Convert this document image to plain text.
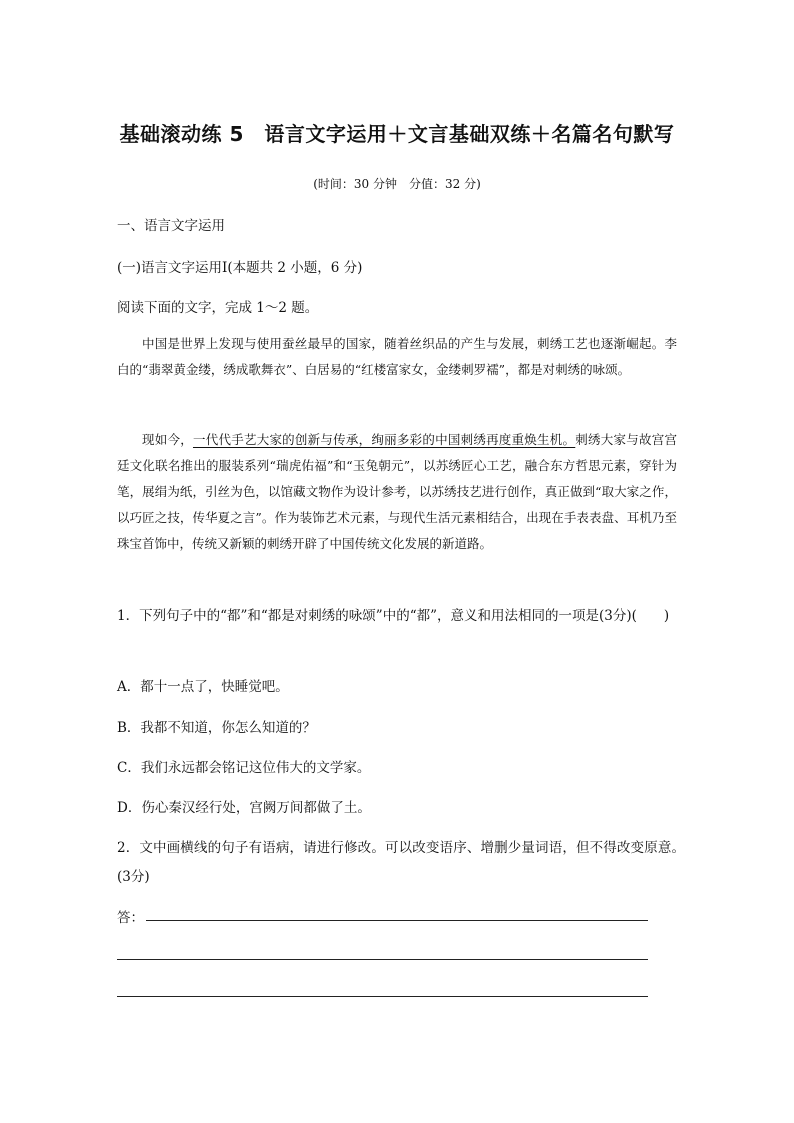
基础滚动练 5　语言文字运用＋文言基础双练＋名篇名句默写
(时间：30 分钟　分值：32 分)
一、语言文字运用
(一)语言文字运用Ⅰ(本题共 2 小题，6 分)
阅读下面的文字，完成 1～2 题。
中国是世界上发现与使用蚕丝最早的国家，随着丝织品的产生与发展，刺绣工艺也逐渐崛起。李白的“翡翠黄金缕，绣成歌舞衣”、白居易的“红楼富家女，金缕刺罗襦”，都是对刺绣的咏颂。
现如今，一代代手艺大家的创新与传承，绚丽多彩的中国刺绣再度重焕生机。刺绣大家与故宫宫廷文化联名推出的服装系列“瑞虎佑福”和“玉兔朝元”，以苏绣匠心工艺，融合东方哲思元素，穿针为笔，展绢为纸，引丝为色，以馆藏文物作为设计参考，以苏绣技艺进行创作，真正做到“取大家之作，以巧匠之技，传华夏之言”。作为装饰艺术元素，与现代生活元素相结合，出现在手表表盘、耳机乃至珠宝首饰中，传统又新颖的刺绣开辟了中国传统文化发展的新道路。
1．下列句子中的“都”和“都是对刺绣的咏颂”中的“都”，意义和用法相同的一项是(3分)(　　)
A．都十一点了，快睡觉吧。
B．我都不知道，你怎么知道的？
C．我们永远都会铭记这位伟大的文学家。
D．伤心秦汉经行处，宫阙万间都做了土。
2．文中画横线的句子有语病，请进行修改。可以改变语序、增删少量词语，但不得改变原意。(3分)
答：
